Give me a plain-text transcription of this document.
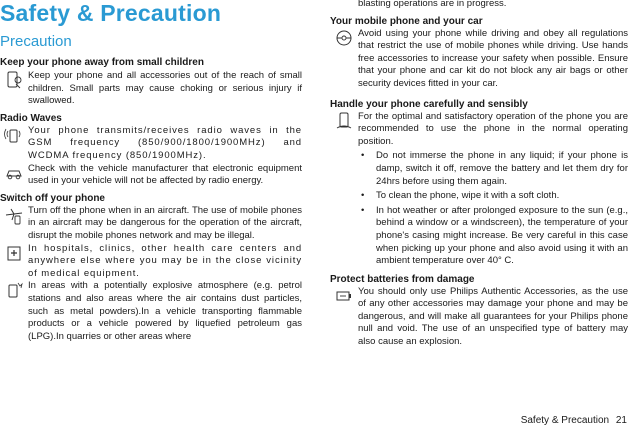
Safety & Precaution
Precaution
Keep your phone away from small children

Keep your phone and all accessories out of the reach of small children. Small parts may cause choking or serious injury if swallowed.

Radio Waves

Your phone transmits/receives radio waves in the GSM frequency (850/900/1800/1900MHz) and WCDMA frequency (850/1900MHz).

Check with the vehicle manufacturer that electronic equipment used in your vehicle will not be affected by radio energy.

Switch off your phone

Turn off the phone when in an aircraft. The use of mobile phones in an aircraft may be dangerous for the operation of the aircraft, disrupt the mobile phones network and may be illegal.

In hospitals, clinics, other health care centers and anywhere else where you may be in the close vicinity of medical equipment.

In areas with a potentially explosive atmosphere (e.g. petrol stations and also areas where the air contains dust particles, such as metal powders).In a vehicle transporting flammable products or a vehicle powered by liquefied petroleum gas (LPG).In quarries or other areas where

blasting operations are in progress.

Your mobile phone and your car

Avoid using your phone while driving and obey all regulations that restrict the use of mobile phones while driving. Use hands free accessories to increase your safety when possible. Ensure that your phone and car kit do not block any air bags or other security devices fitted in your car.

Handle your phone carefully and sensibly

For the optimal and satisfactory operation of the phone you are recommended to use the phone in the normal operating position.

• Do not immerse the phone in any liquid; if your phone is damp, switch it off, remove the battery and let them dry for 24hrs before using them again.
• To clean the phone, wipe it with a soft cloth.
• In hot weather or after prolonged exposure to the sun (e.g., behind a window or a windscreen), the temperature of your phone's casing might increase. Be very careful in this case when picking up your phone and also avoid using it with an ambient temperature over 40° C.
Protect batteries from damage

You should only use Philips Authentic Accessories, as the use of any other accessories may damage your phone and may be dangerous, and will make all guarantees for your Philips phone null and void. The use of an unspecified type of battery may also cause an explosion.

Safety & Precaution 21
